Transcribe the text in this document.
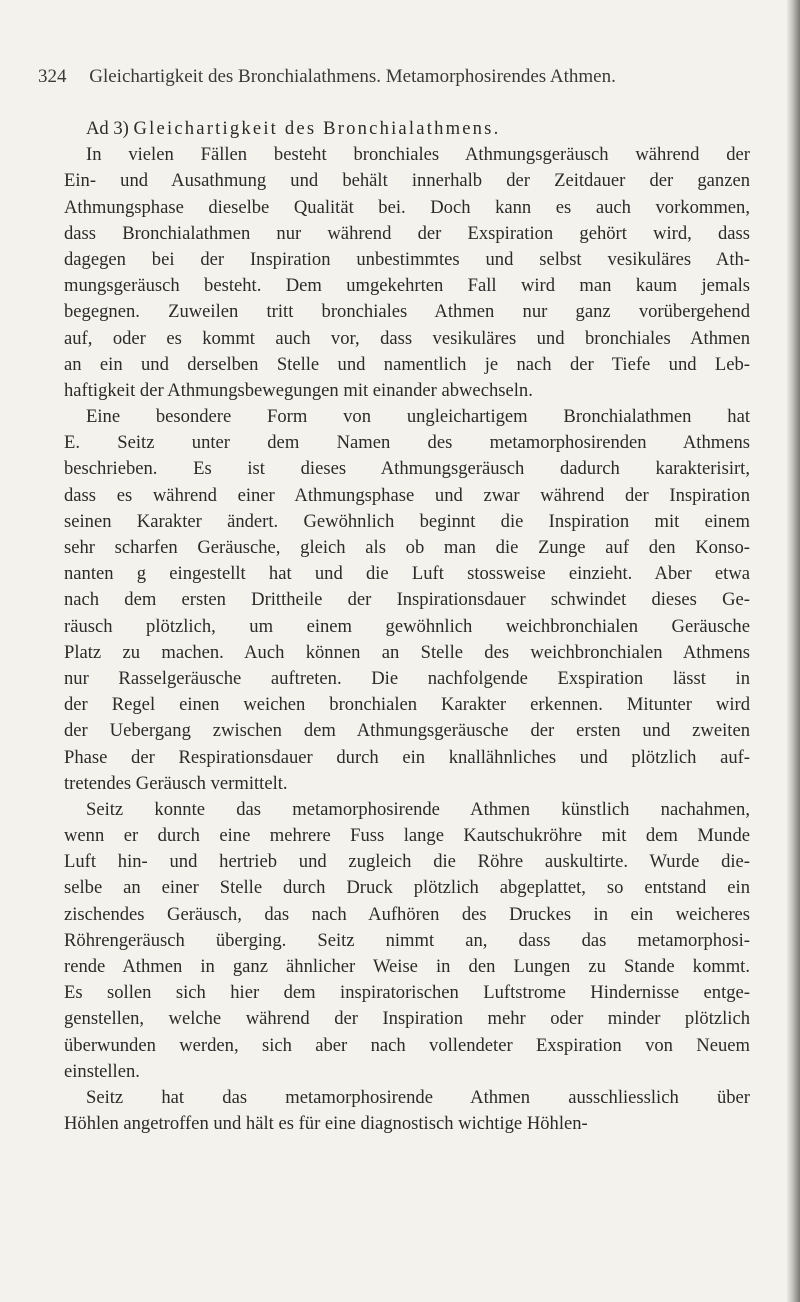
324 Gleichartigkeit des Bronchialathmens. Metamorphosirendes Athmen.
Ad 3) Gleichartigkeit des Bronchialathmens.
In vielen Fällen besteht bronchiales Athmungsgeräusch während der
Ein- und Ausathmung und behält innerhalb der Zeitdauer der ganzen
Athmungsphase dieselbe Qualität bei. Doch kann es auch vorkommen,
dass Bronchialathmen nur während der Exspiration gehört wird, dass
dagegen bei der Inspiration unbestimmtes und selbst vesikuläres Ath-
mungsgeräusch besteht. Dem umgekehrten Fall wird man kaum jemals
begegnen. Zuweilen tritt bronchiales Athmen nur ganz vorübergehend
auf, oder es kommt auch vor, dass vesikuläres und bronchiales Athmen
an ein und derselben Stelle und namentlich je nach der Tiefe und Leb-
haftigkeit der Athmungsbewegungen mit einander abwechseln.
Eine besondere Form von ungleichartigem Bronchialathmen hat
E. Seitz unter dem Namen des metamorphosirenden Athmens
beschrieben. Es ist dieses Athmungsgeräusch dadurch karakterisirt,
dass es während einer Athmungsphase und zwar während der Inspiration
seinen Karakter ändert. Gewöhnlich beginnt die Inspiration mit einem
sehr scharfen Geräusche, gleich als ob man die Zunge auf den Konso-
nanten g eingestellt hat und die Luft stossweise einzieht. Aber etwa
nach dem ersten Drittheile der Inspirationsdauer schwindet dieses Ge-
räusch plötzlich, um einem gewöhnlich weichbronchialen Geräusche
Platz zu machen. Auch können an Stelle des weichbronchialen Athmens
nur Rasselgeräusche auftreten. Die nachfolgende Exspiration lässt in
der Regel einen weichen bronchialen Karakter erkennen. Mitunter wird
der Uebergang zwischen dem Athmungsgeräusche der ersten und zweiten
Phase der Respirationsdauer durch ein knallähnliches und plötzlich auf-
tretendes Geräusch vermittelt.
Seitz konnte das metamorphosirende Athmen künstlich nachahmen,
wenn er durch eine mehrere Fuss lange Kautschukröhre mit dem Munde
Luft hin- und hertrieb und zugleich die Röhre auskultirte. Wurde die-
selbe an einer Stelle durch Druck plötzlich abgeplattet, so entstand ein
zischendes Geräusch, das nach Aufhören des Druckes in ein weicheres
Röhrengeräusch überging. Seitz nimmt an, dass das metamorphosi-
rende Athmen in ganz ähnlicher Weise in den Lungen zu Stande kommt.
Es sollen sich hier dem inspiratorischen Luftstrome Hindernisse entge-
genstellen, welche während der Inspiration mehr oder minder plötzlich
überwunden werden, sich aber nach vollendeter Exspiration von Neuem
einstellen.
Seitz hat das metamorphosirende Athmen ausschliesslich über
Höhlen angetroffen und hält es für eine diagnostisch wichtige Höhlen-
